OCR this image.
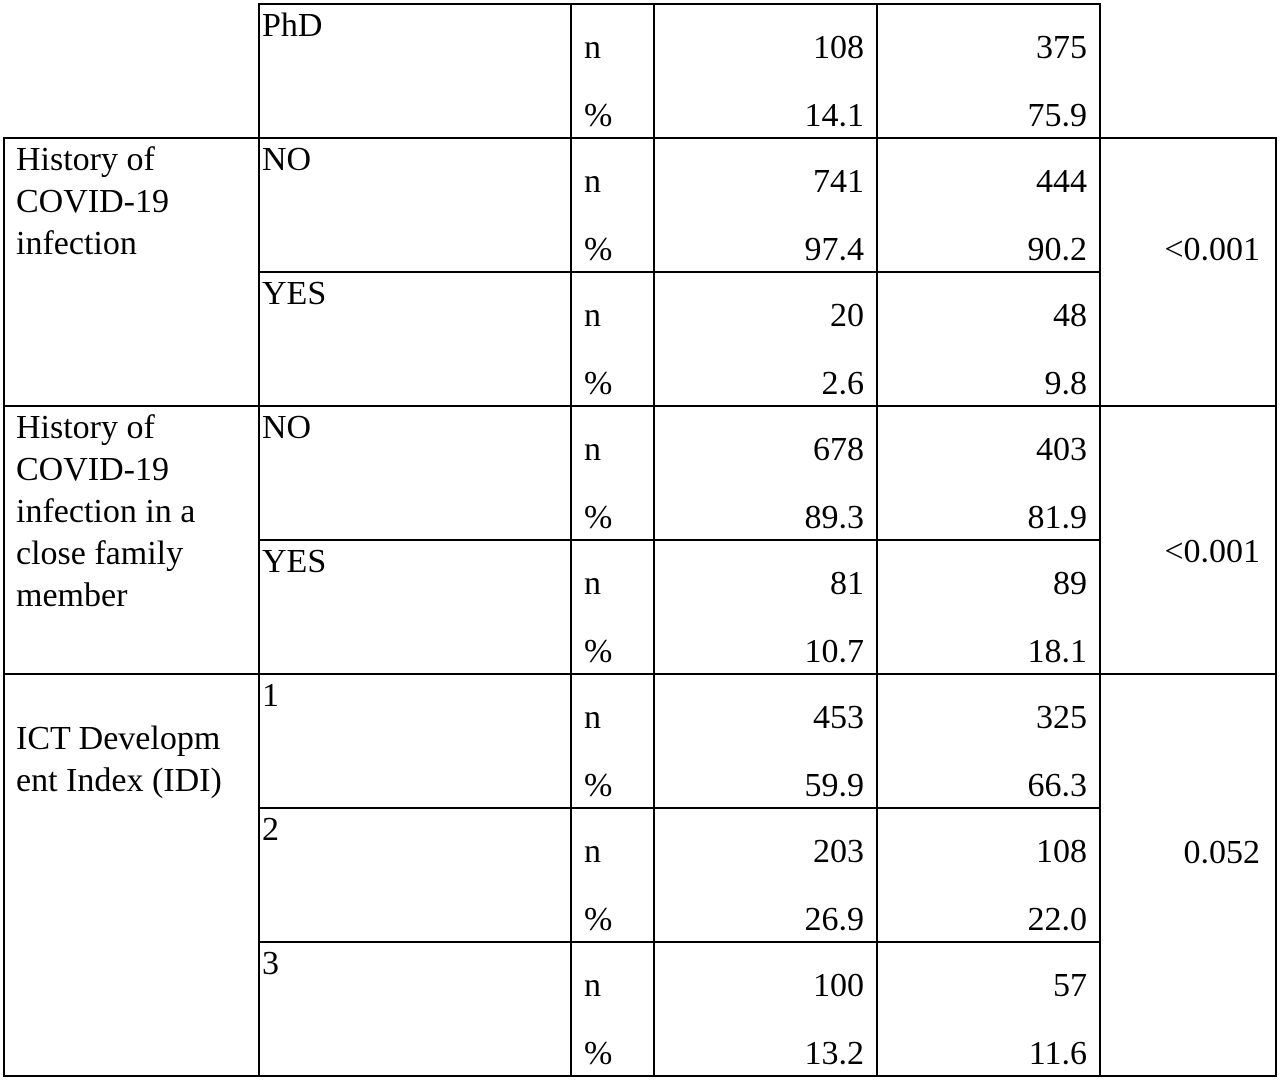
PhD
n
%
108
14.1
375
75.9
History of
COVID-19
infection	<0.001
NO
n
%
741
97.4
444
90.2
YES
n
%
20
2.6
48
9.8
History of
COVID-19
infection in a
close family
member
<0.001
NO
n
%
678
89.3
403
81.9
YES
n
%
81
10.7
89
18.1
ICT Developm
ent Index (IDI)
0.052
1
n
%
453
59.9
325
66.3
2
n
%
203
26.9
108
22.0
3
n
%
100
13.2
57
11.6
